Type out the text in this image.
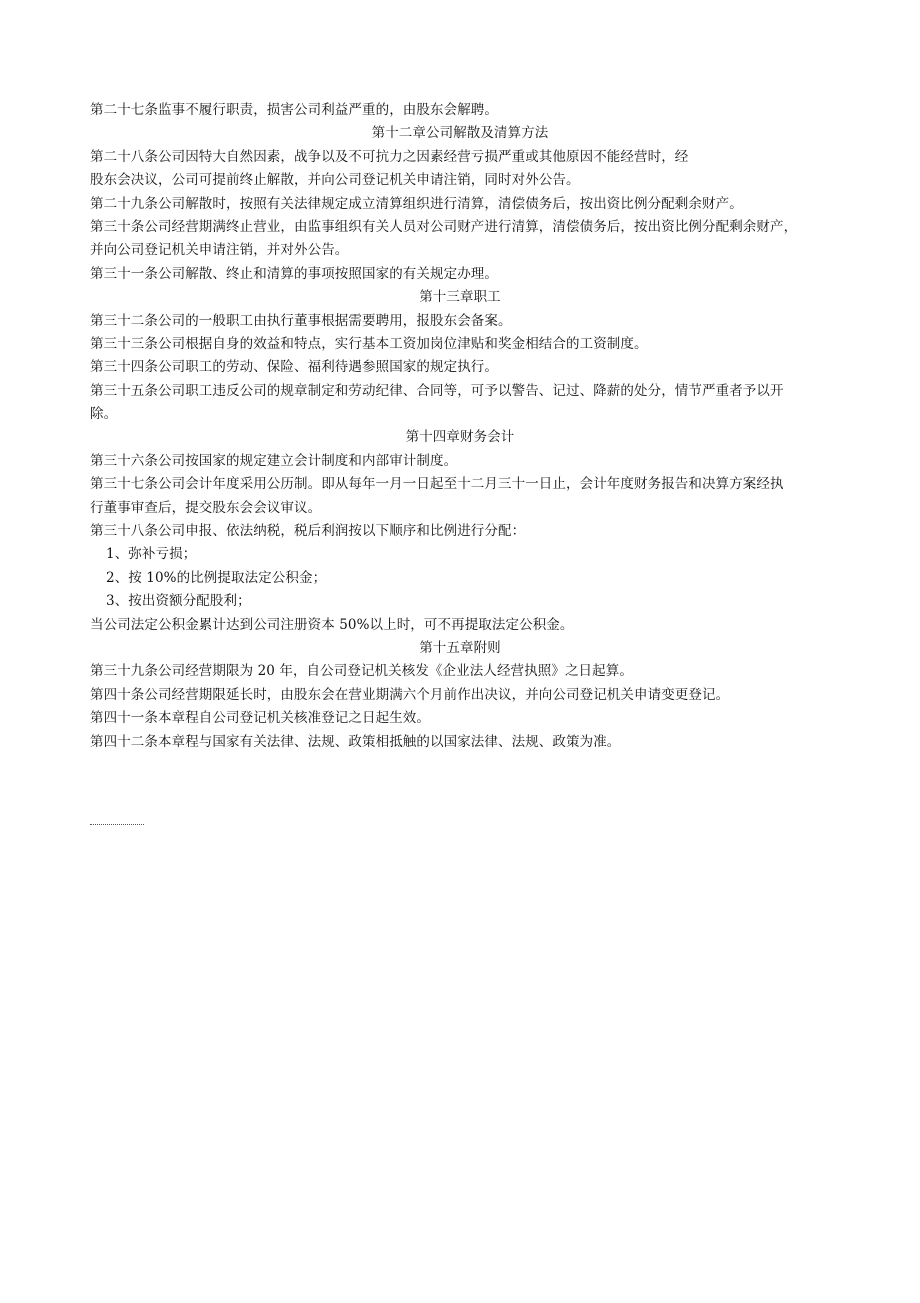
第二十七条监事不履行职责，损害公司利益严重的，由股东会解聘。
第十二章公司解散及清算方法
第二十八条公司因特大自然因素，战争以及不可抗力之因素经营亏损严重或其他原因不能经营时，经
股东会决议，公司可提前终止解散，并向公司登记机关申请注销，同时对外公告。
第二十九条公司解散时，按照有关法律规定成立清算组织进行清算，清偿债务后，按出资比例分配剩余财产。
第三十条公司经营期满终止营业，由监事组织有关人员对公司财产进行清算，清偿债务后，按出资比例分配剩余财产，
并向公司登记机关申请注销，并对外公告。
第三十一条公司解散、终止和清算的事项按照国家的有关规定办理。
第十三章职工
第三十二条公司的一般职工由执行董事根据需要聘用，报股东会备案。
第三十三条公司根据自身的效益和特点，实行基本工资加岗位津贴和奖金相结合的工资制度。
第三十四条公司职工的劳动、保险、福利待遇参照国家的规定执行。
第三十五条公司职工违反公司的规章制定和劳动纪律、合同等，可予以警告、记过、降薪的处分，情节严重者予以开
除。
第十四章财务会计
第三十六条公司按国家的规定建立会计制度和内部审计制度。
第三十七条公司会计年度采用公历制。即从每年一月一日起至十二月三十一日止，会计年度财务报告和决算方案经执
行董事审查后，提交股东会会议审议。
第三十八条公司申报、依法纳税，税后利润按以下顺序和比例进行分配：
1、弥补亏损；
2、按 10%的比例提取法定公积金；
3、按出资额分配股利；
当公司法定公积金累计达到公司注册资本 50%以上时，可不再提取法定公积金。
第十五章附则
第三十九条公司经营期限为 20 年，自公司登记机关核发《企业法人经营执照》之日起算。
第四十条公司经营期限延长时，由股东会在营业期满六个月前作出决议，并向公司登记机关申请变更登记。
第四十一条本章程自公司登记机关核准登记之日起生效。
第四十二条本章程与国家有关法律、法规、政策相抵触的以国家法律、法规、政策为准。
